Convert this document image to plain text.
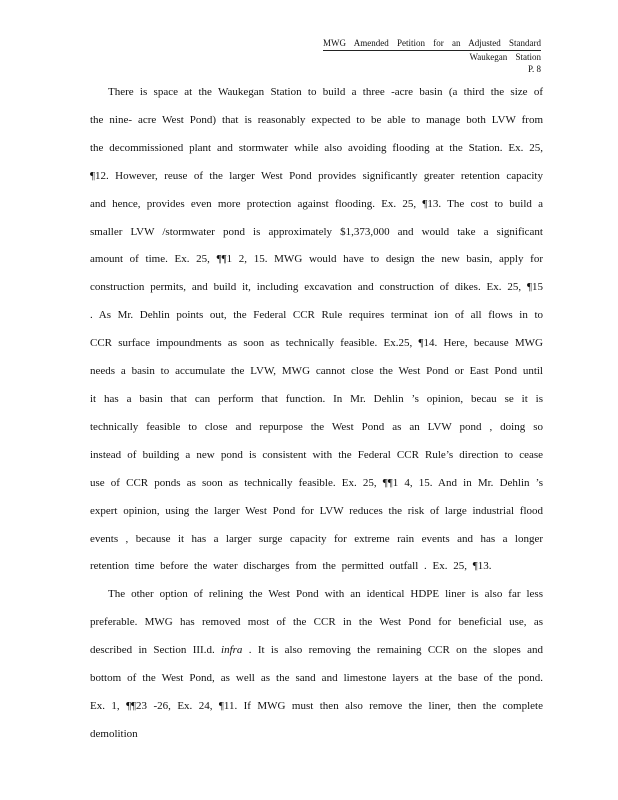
MWG Amended Petition for an Adjusted Standard
Waukegan Station
P. 8

There is space at the Waukegan Station to build a three -acre basin (a third the size of the nine- acre West Pond) that is reasonably expected to be able to manage both LVW from the decommissioned plant and stormwater while also avoiding flooding at the Station. Ex. 25, ¶12. However, reuse of the larger West Pond provides significantly greater retention capacity and hence, provides even more protection against flooding. Ex. 25, ¶13. The cost to build a smaller LVW /stormwater pond is approximately $1,373,000 and would take a significant amount of time. Ex. 25, ¶¶1 2, 15. MWG would have to design the new basin, apply for construction permits, and build it, including excavation and construction of dikes. Ex. 25, ¶15 . As Mr. Dehlin points out, the Federal CCR Rule requires terminat ion of all flows in to CCR surface impoundments as soon as technically feasible. Ex.25, ¶14. Here, because MWG needs a basin to accumulate the LVW, MWG cannot close the West Pond or East Pond until it has a basin that can perform that function. In Mr. Dehlin ’s opinion, becau se it is technically feasible to close and repurpose the West Pond as an LVW pond , doing so instead of building a new pond is consistent with the Federal CCR Rule’s direction to cease use of CCR ponds as soon as technically feasible. Ex. 25, ¶¶1 4, 15. And in Mr. Dehlin ’s expert opinion, using the larger West Pond for LVW reduces the risk of large industrial flood events , because it has a larger surge capacity for extreme rain events and has a longer retention time before the water discharges from the permitted outfall . Ex. 25, ¶13.

The other option of relining the West Pond with an identical HDPE liner is also far less preferable. MWG has removed most of the CCR in the West Pond for beneficial use, as described in Section III.d. infra . It is also removing the remaining CCR on the slopes and bottom of the West Pond, as well as the sand and limestone layers at the base of the pond. Ex. 1, ¶¶23 -26, Ex. 24, ¶11. If MWG must then also remove the liner, then the complete demolition
